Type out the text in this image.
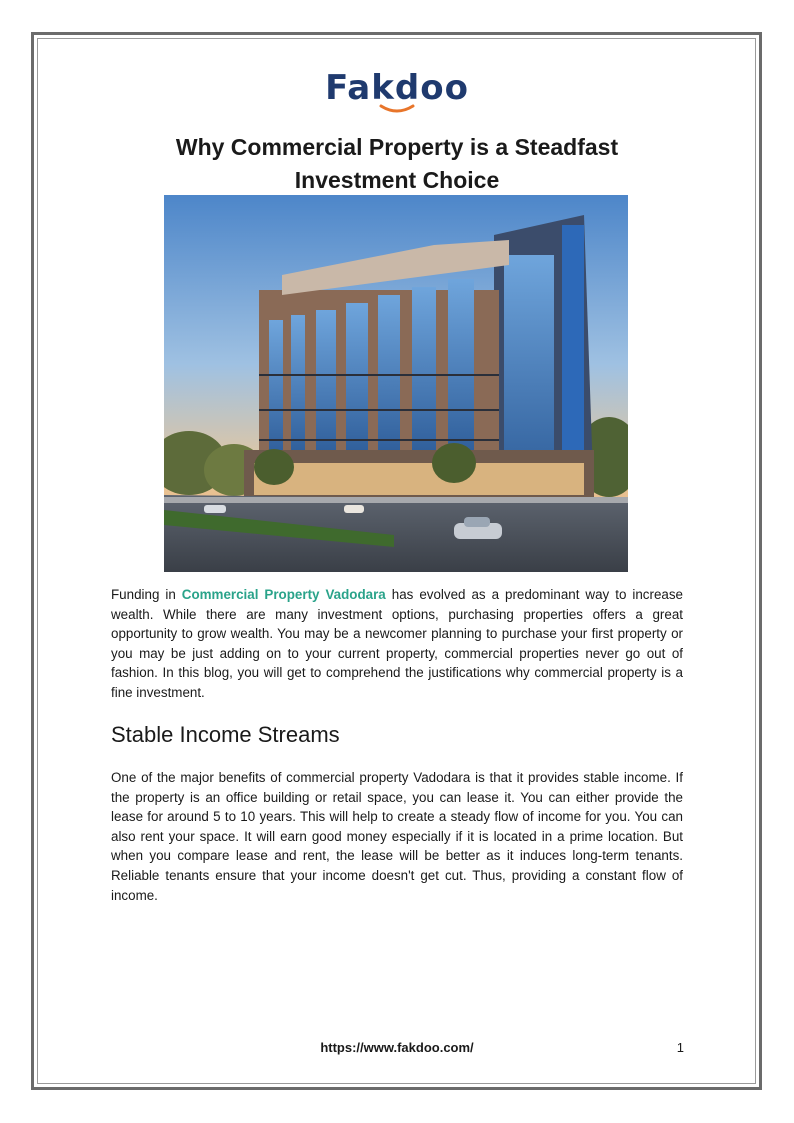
Fakdoo
Why Commercial Property is a Steadfast
Investment Choice

Funding in Commercial Property Vadodara has evolved as a predominant way to increase wealth. While there are many investment options, purchasing properties offers a great opportunity to grow wealth. You may be a newcomer planning to purchase your first property or you may be just adding on to your current property, commercial properties never go out of fashion. In this blog, you will get to comprehend the justifications why commercial property is a fine investment.

Stable Income Streams

One of the major benefits of commercial property Vadodara is that it provides stable income. If the property is an office building or retail space, you can lease it. You can either provide the lease for around 5 to 10 years. This will help to create a steady flow of income for you. You can also rent your space. It will earn good money especially if it is located in a prime location. But when you compare lease and rent, the lease will be better as it induces long-term tenants. Reliable tenants ensure that your income doesn't get cut. Thus, providing a constant flow of income.

https://www.fakdoo.com/	1
